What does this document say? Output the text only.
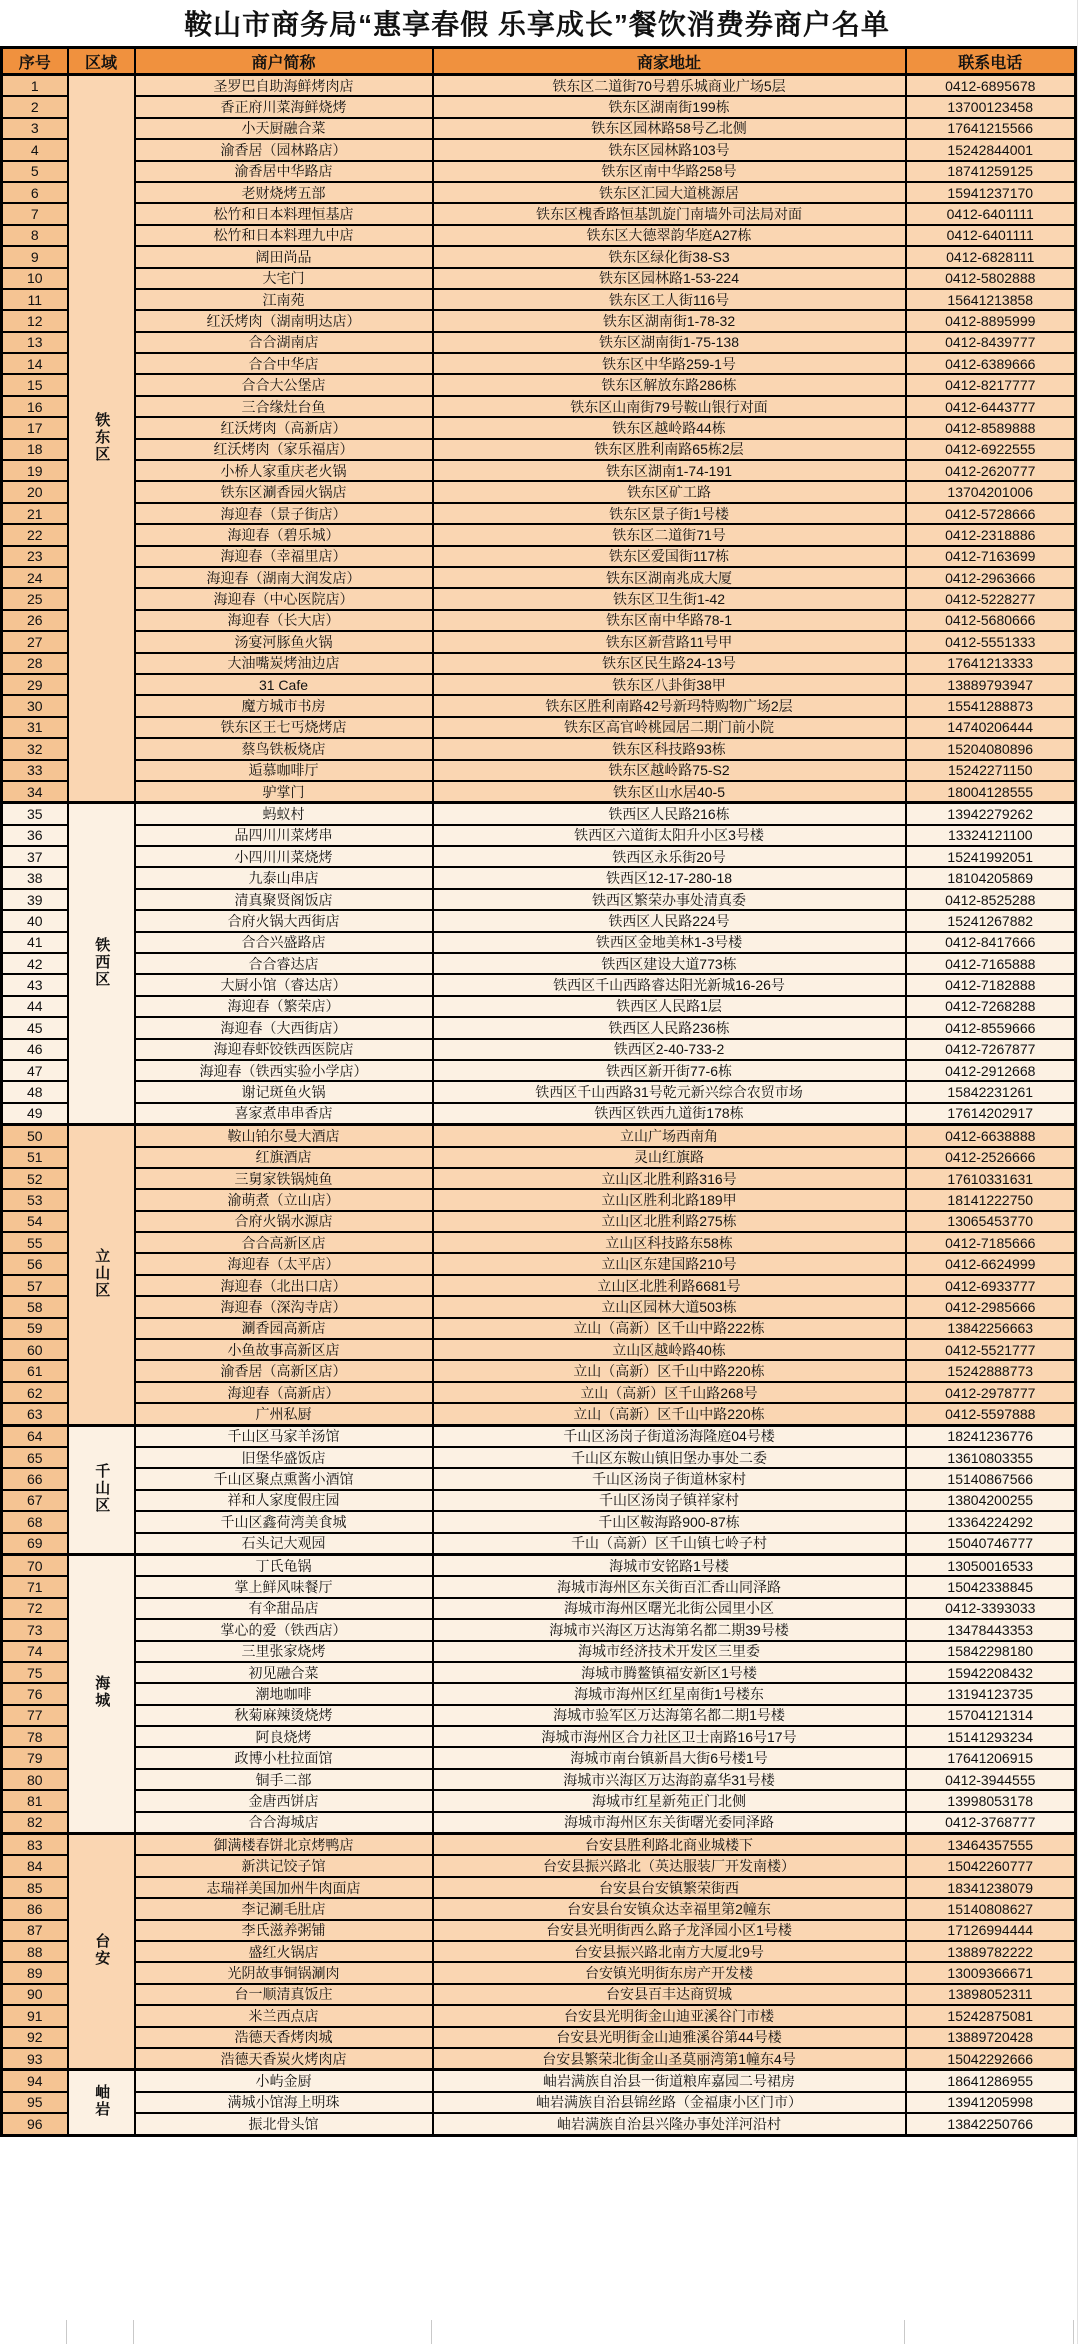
鞍山市商务局“惠享春假 乐享成长”餐饮消费券商户名单
序号	区域	商户简称	商家地址	联系电话
1	铁东区	圣罗巴自助海鲜烤肉店	铁东区二道街70号碧乐城商业广场5层	0412-6895678
2		香正府川菜海鲜烧烤	铁东区湖南街199栋	13700123458
3		小天厨融合菜	铁东区园林路58号乙北侧	17641215566
4		渝香居（园林路店）	铁东区园林路103号	15242844001
5		渝香居中华路店	铁东区南中华路258号	18741259125
6		老财烧烤五部	铁东区汇园大道桃源居	15941237170
7		松竹和日本料理恒基店	铁东区槐香路恒基凯旋门南墙外司法局对面	0412-6401111
8		松竹和日本料理九中店	铁东区大德翠韵华庭A27栋	0412-6401111
9		阔田尚品	铁东区绿化街38-S3	0412-6828111
10		大宅门	铁东区园林路1-53-224	0412-5802888
11		江南苑	铁东区工人街116号	15641213858
12		红沃烤肉（湖南明达店）	铁东区湖南街1-78-32	0412-8895999
13		合合湖南店	铁东区湖南街1-75-138	0412-8439777
14		合合中华店	铁东区中华路259-1号	0412-6389666
15		合合大公堡店	铁东区解放东路286栋	0412-8217777
16		三合缘灶台鱼	铁东区山南街79号鞍山银行对面	0412-6443777
17		红沃烤肉（高新店）	铁东区越岭路44栋	0412-8589888
18		红沃烤肉（家乐福店）	铁东区胜利南路65栋2层	0412-6922555
19		小桥人家重庆老火锅	铁东区湖南1-74-191	0412-2620777
20		铁东区涮香园火锅店	铁东区矿工路	13704201006
21		海迎春（景子街店）	铁东区景子街1号楼	0412-5728666
22		海迎春（碧乐城）	铁东区二道街71号	0412-2318886
23		海迎春（幸福里店）	铁东区爱国街117栋	0412-7163699
24		海迎春（湖南大润发店）	铁东区湖南兆成大厦	0412-2963666
25		海迎春（中心医院店）	铁东区卫生街1-42	0412-5228277
26		海迎春（长大店）	铁东区南中华路78-1	0412-5680666
27		汤宴河豚鱼火锅	铁东区新营路11号甲	0412-5551333
28		大油嘴炭烤油边店	铁东区民生路24-13号	17641213333
29		31 Cafe	铁东区八卦街38甲	13889793947
30		魔方城市书房	铁东区胜利南路42号新玛特购物广场2层	15541288873
31		铁东区王七丐烧烤店	铁东区高官岭桃园居二期门前小院	14740206444
32		蔡鸟铁板烧店	铁东区科技路93栋	15204080896
33		逅慕咖啡厅	铁东区越岭路75-S2	15242271150
34		驴掌门	铁东区山水居40-5	18004128555
35	铁西区	蚂蚁村	铁西区人民路216栋	13942279262
36		品四川川菜烤串	铁西区六道街太阳升小区3号楼	13324121100
37		小四川川菜烧烤	铁西区永乐街20号	15241992051
38		九泰山串店	铁西区12-17-280-18	18104205869
39		清真聚贤阁饭店	铁西区繁荣办事处清真委	0412-8525288
40		合府火锅大西街店	铁西区人民路224号	15241267882
41		合合兴盛路店	铁西区金地美林1-3号楼	0412-8417666
42		合合睿达店	铁西区建设大道773栋	0412-7165888
43		大厨小馆（睿达店）	铁西区千山西路睿达阳光新城16-26号	0412-7182888
44		海迎春（繁荣店）	铁西区人民路1层	0412-7268288
45		海迎春（大西街店）	铁西区人民路236栋	0412-8559666
46		海迎春虾饺铁西医院店	铁西区2-40-733-2	0412-7267877
47		海迎春（铁西实验小学店）	铁西区新开街77-6栋	0412-2912668
48		谢记斑鱼火锅	铁西区千山西路31号乾元新兴综合农贸市场	15842231261
49		喜家煮串串香店	铁西区铁西九道街178栋	17614202917
50	立山区	鞍山铂尔曼大酒店	立山广场西南角	0412-6638888
51		红旗酒店	灵山红旗路	0412-2526666
52		三舅家铁锅炖鱼	立山区北胜利路316号	17610331631
53		渝萌煮（立山店）	立山区胜利北路189甲	18141222750
54		合府火锅水源店	立山区北胜利路275栋	13065453770
55		合合高新区店	立山区科技路东58栋	0412-7185666
56		海迎春（太平店）	立山区东建国路210号	0412-6624999
57		海迎春（北出口店）	立山区北胜利路6681号	0412-6933777
58		海迎春（深沟寺店）	立山区园林大道503栋	0412-2985666
59		涮香园高新店	立山（高新）区千山中路222栋	13842256663
60		小鱼故事高新区店	立山区越岭路40栋	0412-5521777
61		渝香居（高新区店）	立山（高新）区千山中路220栋	15242888773
62		海迎春（高新店）	立山（高新）区千山路268号	0412-2978777
63		广州私厨	立山（高新）区千山中路220栋	0412-5597888
64	千山区	千山区马家羊汤馆	千山区汤岗子街道汤海隆庭04号楼	18241236776
65		旧堡华盛饭店	千山区东鞍山镇旧堡办事处二委	13610803355
66		千山区聚点熏酱小酒馆	千山区汤岗子街道林家村	15140867566
67		祥和人家度假庄园	千山区汤岗子镇祥家村	13804200255
68		千山区鑫荷湾美食城	千山区鞍海路900-87栋	13364224292
69		石头记大观园	千山（高新）区千山镇七岭子村	15040746777
70	海城	丁氏龟锅	海城市安铭路1号楼	13050016533
71		掌上鲜风味餐厅	海城市海州区东关街百汇香山同泽路	15042338845
72		有伞甜品店	海城市海州区曙光北街公园里小区	0412-3393033
73		掌心的爱（铁西店）	海城市兴海区万达海第名都二期39号楼	13478443353
74		三里张家烧烤	海城市经济技术开发区三里委	15842298180
75		初见融合菜	海城市腾鳌镇福安新区1号楼	15942208432
76		潮地咖啡	海城市海州区红星南街1号楼东	13194123735
77		秋菊麻辣烫烧烤	海城市验军区万达海第名都二期1号楼	15704121314
78		阿良烧烤	海城市海州区合力社区卫士南路16号17号	15141293234
79		政博小杜拉面馆	海城市南台镇新昌大街6号楼1号	17641206915
80		铜手二部	海城市兴海区万达海韵嘉华31号楼	0412-3944555
81		金唐西饼店	海城市红星新苑正门北侧	13998053178
82		合合海城店	海城市海州区东关街曙光委同泽路	0412-3768777
83	台安	御满楼春饼北京烤鸭店	台安县胜利路北商业城楼下	13464357555
84		新洪记饺子馆	台安县振兴路北（英达服装厂开发南楼）	15042260777
85		志瑞祥美国加州牛肉面店	台安县台安镇繁荣街西	18341238079
86		李记涮毛肚店	台安县台安镇众达幸福里第2幢东	15140808627
87		李氏滋养粥铺	台安县光明街西么路子龙泽园小区1号楼	17126994444
88		盛红火锅店	台安县振兴路北南方大厦北9号	13889782222
89		光阴故事铜锅涮肉	台安镇光明街东房产开发楼	13009366671
90		台一顺清真饭庄	台安县百丰达商贸城	13898052311
91		米兰西点店	台安县光明街金山迪亚溪谷门市楼	15242875081
92		浩德天香烤肉城	台安县光明街金山迪雅溪谷第44号楼	13889720428
93		浩德天香炭火烤肉店	台安县繁荣北街金山圣莫丽湾第1幢东4号	15042292666
94	岫岩	小屿金厨	岫岩满族自治县一街道粮库嘉园二号裙房	18641286955
95		满城小馆海上明珠	岫岩满族自治县锦丝路（金福康小区门市）	13941205998
96		振北骨头馆	岫岩满族自治县兴隆办事处洋河沿村	13842250766
